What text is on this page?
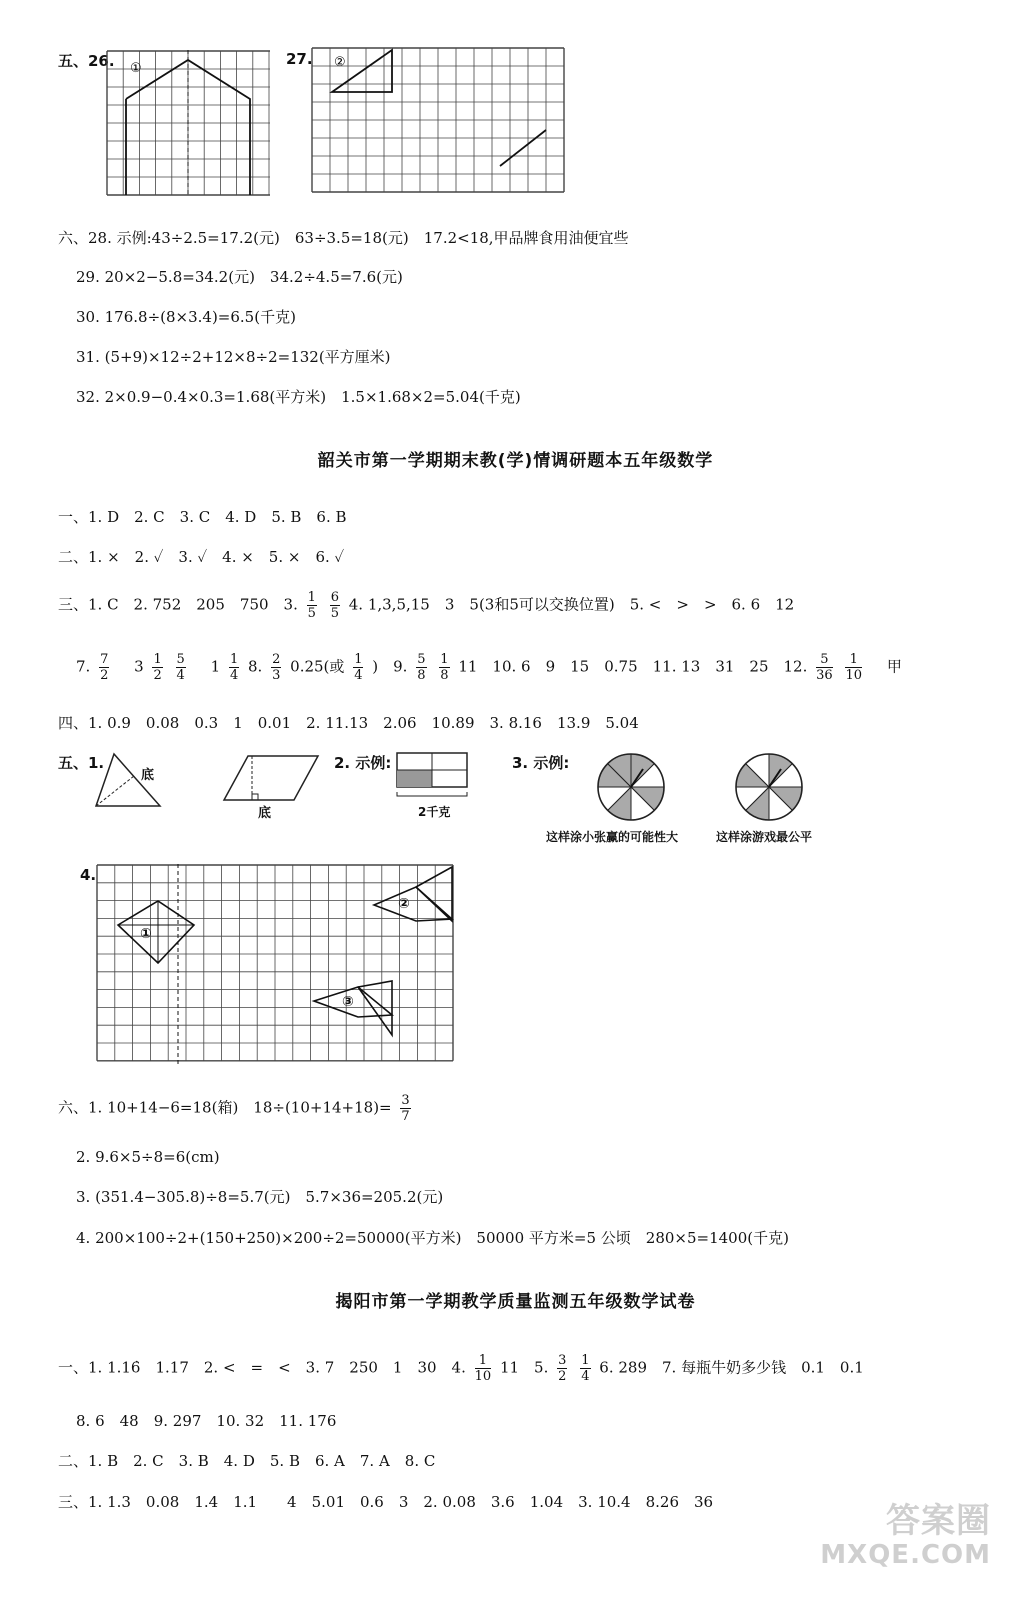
五、26. ①
27. ②
六、28. 示例:43÷2.5=17.2(元)　63÷3.5=18(元)　17.2<18,甲品牌食用油便宜些
29. 20×2−5.8=34.2(元)　34.2÷4.5=7.6(元)
30. 176.8÷(8×3.4)=6.5(千克)
31. (5+9)×12÷2+12×8÷2=132(平方厘米)
32. 2×0.9−0.4×0.3=1.68(平方米)　1.5×1.68×2=5.04(千克)
韶关市第一学期期末教(学)情调研题本五年级数学
一、1. D　2. C　3. C　4. D　5. B　6. B
二、1. ×　2. ✓　3. ✓　4. ×　5. ×　6. ✓
三、1. C　2. 752　205　750　3. $\frac{1}{5}$
$\frac{6}{5} 4$. 1,3,5,15　3　5(3和5可以交换位置)　5. <　>　>　6. 6　12
7. $\frac{7}{2} 3 \frac{1}{2}$
$\frac{5}{4} 1 \frac{1}{4} 8$. $\frac{2}{3} 0.25$(或 $\frac{1}{4}$ )　9. $\frac{5}{8}$
$\frac{1}{8} 11$　10. 6　9　15　0.75　11. 13　31　25　12. $\frac{5}{36}$
$\frac{1}{10}$ 甲
四、1. 0.9　0.08　0.3　1　0.01　2. 11.13　2.06　10.89　3. 8.16　13.9　5.04
五、1.
底
底
2. 示例:
2千克
3. 示例:
这样涂小张赢的可能性大	这样涂游戏最公平
4.
①
②
③
六、1. 10+14−6=18(箱)　$18\div(10+14+18)= \frac{3}{7}$
2. 9.6×5÷8=6(cm)
3. (351.4−305.8)÷8=5.7(元)　5.7×36=205.2(元)
4. 200×100÷2+(150+250)×200÷2=50000(平方米)　50000 平方米=5 公顷　280×5=1400(千克)
揭阳市第一学期教学质量监测五年级数学试卷
一、1. 1.16̇　1.17　2. <　=　<　3. 7　250　1　30　4. $\frac{1}{10} 11$　5. $\frac{3}{2}$
$\frac{1}{4} 6$. 289　7. 每瓶牛奶多少钱　0.1　0.1
8. 6　48　9. 297　10. 32　11. 176
二、1. B　2. C　3. B　4. D　5. B　6. A　7. A　8. C
三、1. 1.3　0.08　1.4　1.1　　4　5.01　0.6　3　2. 0.08　3.6　1.04　3. 10.4　8.26　36	答案圈
MXQE.COM
